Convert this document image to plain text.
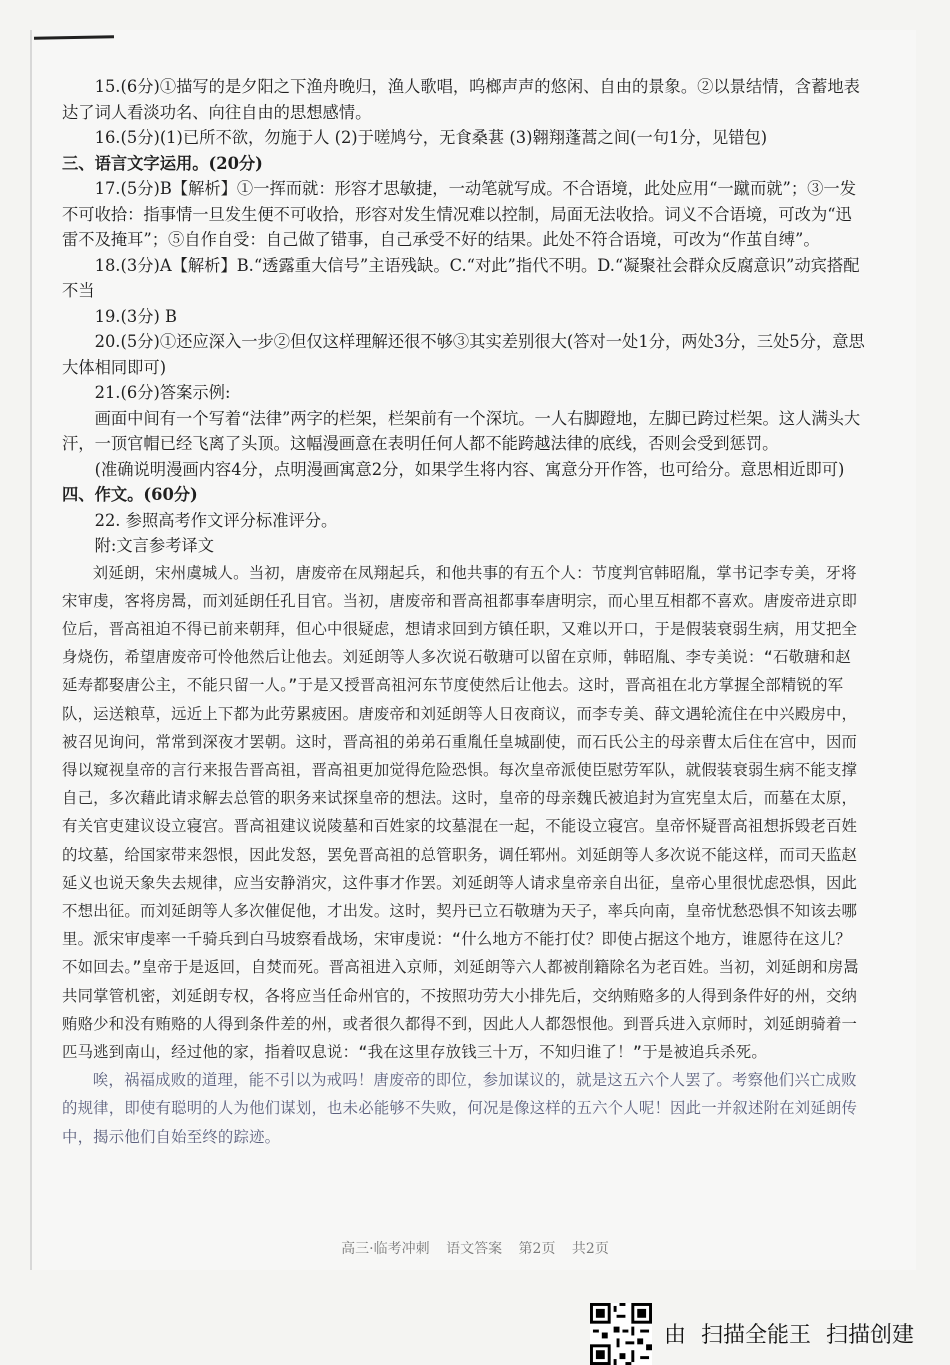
15.(6分)①描写的是夕阳之下渔舟晚归，渔人歌唱，呜榔声声的悠闲、自由的景象。②以景结情，含蓄地表达了词人看淡功名、向往自由的思想感情。

16.(5分)(1)已所不欲，勿施于人 (2)于嗟鸠兮，无食桑葚 (3)翱翔蓬蒿之间(一句1分，见错包)

三、语言文字运用。(20分)

17.(5分)B【解析】①一挥而就：形容才思敏捷，一动笔就写成。不合语境，此处应用“一蹴而就”；③一发不可收拾：指事情一旦发生便不可收拾，形容对发生情况难以控制，局面无法收拾。词义不合语境，可改为“迅雷不及掩耳”；⑤自作自受：自己做了错事，自己承受不好的结果。此处不符合语境，可改为“作茧自缚”。

18.(3分)A【解析】B.“透露重大信号”主语残缺。C.“对此”指代不明。D.“凝聚社会群众反腐意识”动宾搭配不当

19.(3分) B

20.(5分)①还应深入一步②但仅这样理解还很不够③其实差别很大(答对一处1分，两处3分，三处5分，意思大体相同即可)

21.(6分)答案示例:

画面中间有一个写着“法律”两字的栏架，栏架前有一个深坑。一人右脚蹬地，左脚已跨过栏架。这人满头大汗，一顶官帽已经飞离了头顶。这幅漫画意在表明任何人都不能跨越法律的底线，否则会受到惩罚。

(准确说明漫画内容4分，点明漫画寓意2分，如果学生将内容、寓意分开作答，也可给分。意思相近即可)

四、作文。(60分)

22. 参照高考作文评分标准评分。

附:文言参考译文

刘延朗，宋州虞城人。当初，唐废帝在凤翔起兵，和他共事的有五个人：节度判官韩昭胤，掌书记李专美，牙将宋审虔，客将房暠，而刘延朗任孔目官。当初，唐废帝和晋高祖都事奉唐明宗，而心里互相都不喜欢。唐废帝进京即位后，晋高祖迫不得已前来朝拜，但心中很疑虑，想请求回到方镇任职，又难以开口，于是假装衰弱生病，用艾把全身烧伤，希望唐废帝可怜他然后让他去。刘延朗等人多次说石敬瑭可以留在京师，韩昭胤、李专美说：“石敬瑭和赵延寿都娶唐公主，不能只留一人。”于是又授晋高祖河东节度使然后让他去。这时，晋高祖在北方掌握全部精锐的军队，运送粮草，远近上下都为此劳累疲困。唐废帝和刘延朗等人日夜商议，而李专美、薛文遇轮流住在中兴殿房中，被召见询问，常常到深夜才罢朝。这时，晋高祖的弟弟石重胤任皇城副使，而石氏公主的母亲曹太后住在宫中，因而得以窥视皇帝的言行来报告晋高祖，晋高祖更加觉得危险恐惧。每次皇帝派使臣慰劳军队，就假装衰弱生病不能支撑自己，多次藉此请求解去总管的职务来试探皇帝的想法。这时，皇帝的母亲魏氏被追封为宣宪皇太后，而墓在太原，有关官吏建议设立寝宫。晋高祖建议说陵墓和百姓家的坟墓混在一起，不能设立寝宫。皇帝怀疑晋高祖想拆毁老百姓的坟墓，给国家带来怨恨，因此发怒，罢免晋高祖的总管职务，调任郓州。刘延朗等人多次说不能这样，而司天监赵延义也说天象失去规律，应当安静消灾，这件事才作罢。刘延朗等人请求皇帝亲自出征，皇帝心里很忧虑恐惧，因此不想出征。而刘延朗等人多次催促他，才出发。这时，契丹已立石敬瑭为天子，率兵向南，皇帝忧愁恐惧不知该去哪里。派宋审虔率一千骑兵到白马坡察看战场，宋审虔说：“什么地方不能打仗？即使占据这个地方，谁愿待在这儿？不如回去。”皇帝于是返回，自焚而死。晋高祖进入京师，刘延朗等六人都被削籍除名为老百姓。当初，刘延朗和房暠共同掌管机密，刘延朗专权，各将应当任命州官的，不按照功劳大小排先后，交纳贿赂多的人得到条件好的州，交纳贿赂少和没有贿赂的人得到条件差的州，或者很久都得不到，因此人人都怨恨他。到晋兵进入京师时，刘延朗骑着一匹马逃到南山，经过他的家，指着叹息说：“我在这里存放钱三十万，不知归谁了！”于是被追兵杀死。

唉，祸福成败的道理，能不引以为戒吗！唐废帝的即位，参加谋议的，就是这五六个人罢了。考察他们兴亡成败的规律，即使有聪明的人为他们谋划，也未必能够不失败，何况是像这样的五六个人呢！因此一并叙述附在刘延朗传中，揭示他们自始至终的踪迹。

高三·临考冲刺 语文答案 第2页 共2页
由 扫描全能王 扫描创建
